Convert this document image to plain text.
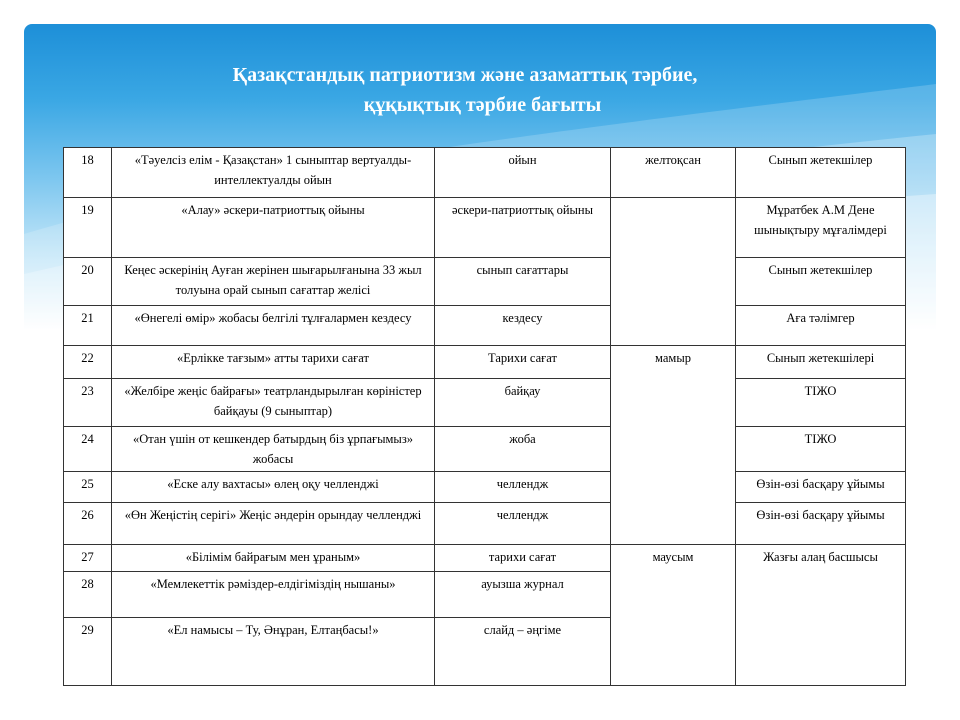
Қазақстандық патриотизм және азаматтық тәрбие,
құқықтық тәрбие бағыты
18	«Тәуелсіз елім - Қазақстан» 1 сыныптар вертуалды-интеллектуалды ойын	ойын	желтоқсан	Сынып жетекшілер
19	«Алау» әскери-патриоттық ойыны	әскери-патриоттық ойыны		Мұратбек А.М Дене шынықтыру мұғалімдері
20	Кеңес әскерінің Ауған жерінен шығарылғанына 33 жыл толуына орай сынып сағаттар желісі	сынып сағаттары		Сынып жетекшілер
21	«Өнегелі өмір» жобасы белгілі тұлғалармен кездесу	кездесу		Аға тәлімгер
22	«Ерлікке тағзым» атты тарихи сағат	Тарихи сағат	мамыр	Сынып жетекшілері
23	«Желбіре жеңіс байрағы» театрландырылған көріністер байқауы (9 сыныптар)	байқау		ТІЖО
24	«Отан үшін от кешкендер батырдың біз ұрпағымыз» жобасы	жоба		ТІЖО
25	«Еске алу вахтасы» өлең оқу челленджі	челлендж		Өзін-өзі басқару ұйымы
26	«Өн Жеңістің серігі» Жеңіс әндерін орындау челленджі	челлендж		Өзін-өзі басқару ұйымы
27	«Білімім байрағым мен ұраным»	тарихи сағат	маусым	Жазғы алаң басшысы
28	«Мемлекеттік рәміздер-елдігіміздің нышаны»	ауызша журнал		
29	«Ел намысы – Ту, Әнұран, Елтаңбасы!»	слайд – әңгіме		
